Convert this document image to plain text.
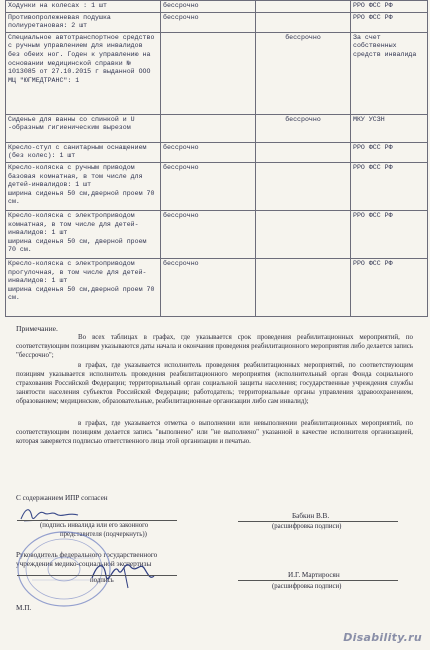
Ходунки на колесах : 1 шт	бессрочно		РРО ФСС РФ
Противопролежневая подушка полиуретановая: 2 шт	бессрочно		РРО ФСС РФ
Специальное автотранспортное средство с ручным управлением для инвалидов без обеих ног. Годен к управлению на основании медицинской справки № 1013085 от 27.10.2015 г выданной ООО МЦ "ЮГМЕДТРАНС": 1		бессрочно	За счет собственных средств инвалида
Сиденье для ванны со спинкой и U -образным гигиеническим вырезом		бессрочно	МКУ УСЗН
Кресло-стул с санитарным оснащением (без колес): 1 шт	бессрочно		РРО ФСС РФ
Кресло-коляска с ручным приводом базовая комнатная, в том числе для детей-инвалидов: 1 шт
ширина сиденья 50 см,дверной проем 70 см.	бессрочно		РРО ФСС РФ
Кресло-коляска с электроприводом комнатная, в том числе для детей-инвалидов: 1 шт
ширина сиденья 50 см, дверной проем 70 см.	бессрочно		РРО ФСС РФ
Кресло-коляска с электроприводом прогулочная, в том числе для детей-инвалидов: 1 шт
ширина сиденья 50 см,дверной проем 70 см.	бессрочно		РРО ФСС РФ
Примечание.

Во всех таблицах в графах, где указывается срок проведения реабилитационных мероприятий, по соответствующим позициям указываются даты начала и окончания проведения реабилитационного мероприятия либо делается запись "бессрочно";

в графах, где указывается исполнитель проведения реабилитационных мероприятий, по соответствующим позициям указывается исполнитель проведения реабилитационного мероприятия (исполнительный орган Фонда социального страхования Российской Федерации; территориальный орган социальной защиты населения; государственные учреждения службы занятости населения субъектов Российской Федерации; работодатель; территориальные органы управления здравоохранением, образованием; медицинские, образовательные, реабилитационные организации либо сам инвалид);

в графах, где указывается отметка о выполнении или невыполнении реабилитационных мероприятий, по соответствующим позициям делается запись "выполнено" или "не выполнено" указанной в качестве исполнителя организацией, которая заверяется подписью ответственного лица этой организации и печатью.

С содержанием ИПР согласен
(подпись инвалида или его законного
представителя (подчеркнуть))
Бабкин В.В.
(расшифровка подписи)
Руководитель федерального государственного
учреждения медико-социальной экспертизы
подпись
И.Г. Мартиросян
(расшифровка подписи)
М.П.
Disability.ru
